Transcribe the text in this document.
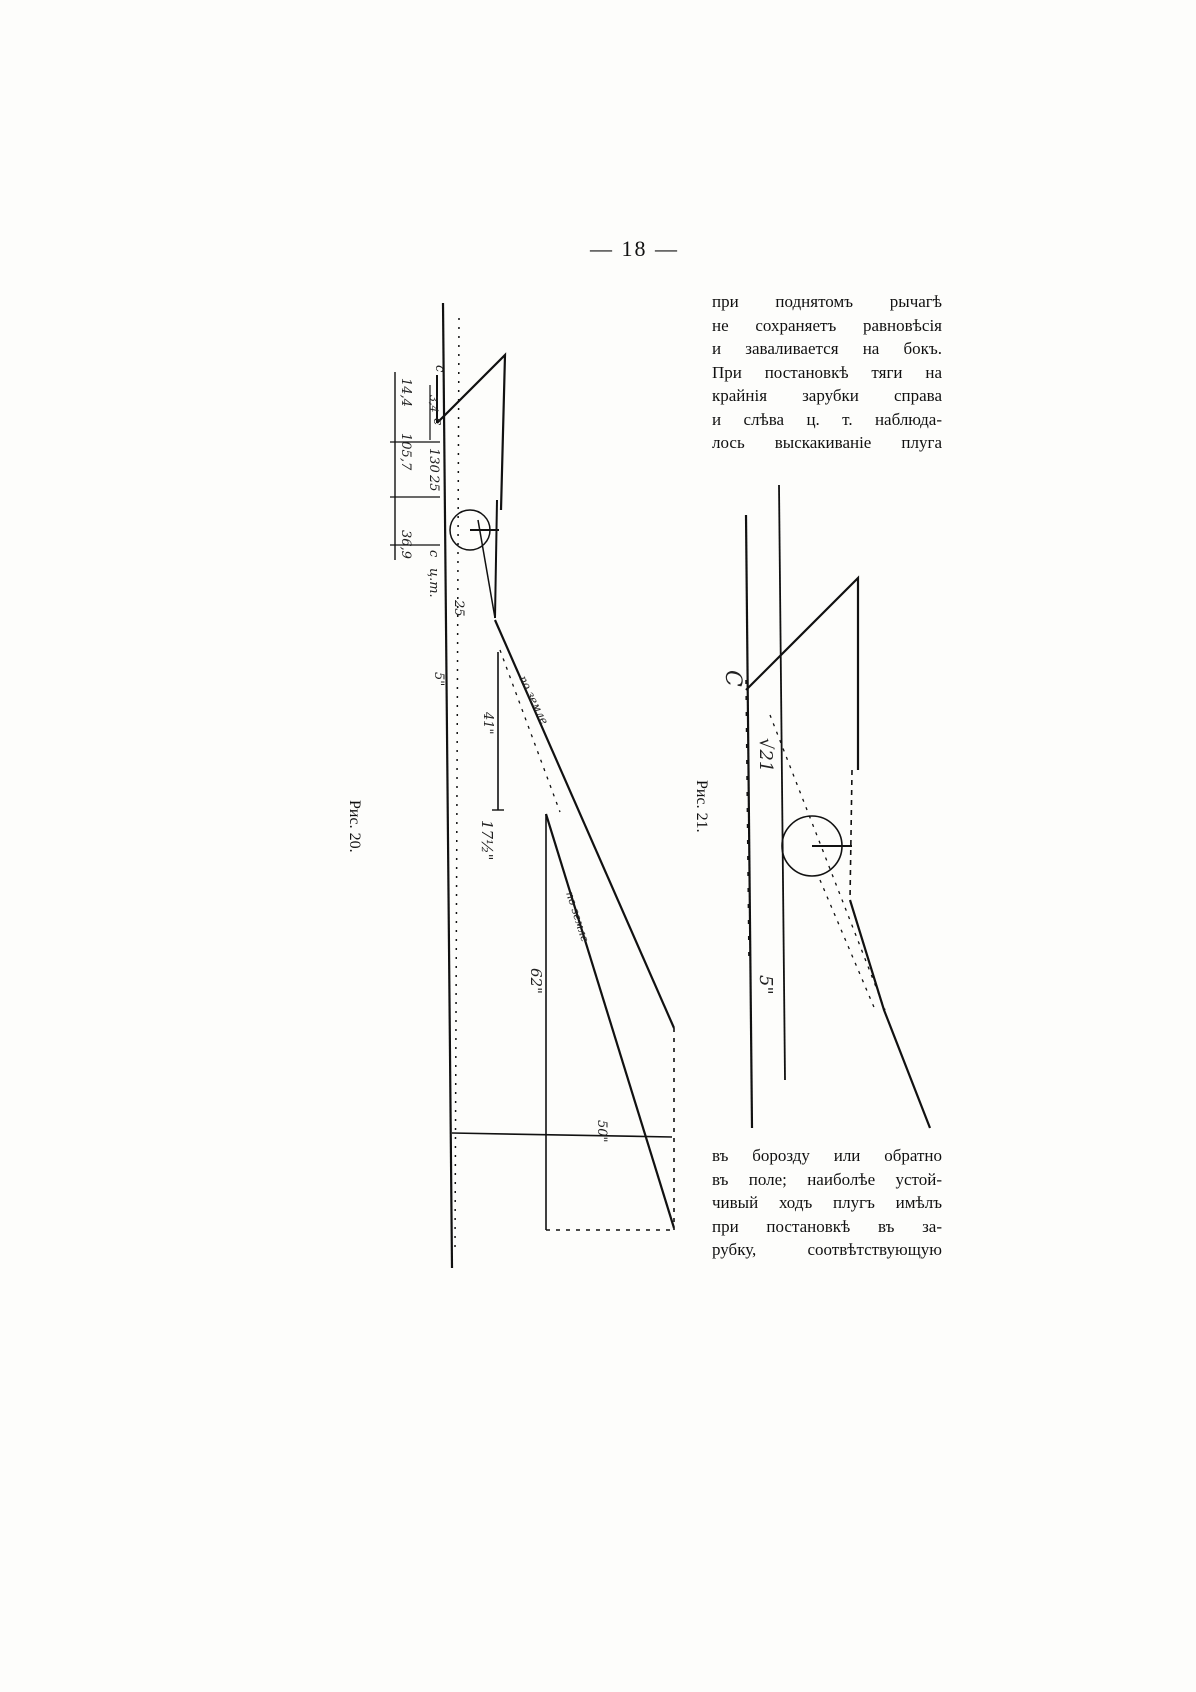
— 18 —
при поднятомъ рычагѣ
не сохраняетъ равновѣсія
и заваливается на бокъ.
При постановкѣ тяги на
крайнія зарубки справа
и слѣва ц. т. наблюда-
лось выскакиваніе плуга
въ борозду или обратно
въ поле; наиболѣе устой-
чивый ходъ плугъ имѣлъ
при постановкѣ въ за-
рубку, соотвѣтствующую
14,4 3,4
105,7 130
25
36,9
25
5"
41"
17½"
62"
50"
c
c
c
ц.т.
по земле
по земле
Рис. 20.
C
√21
5"
Рис. 21.
